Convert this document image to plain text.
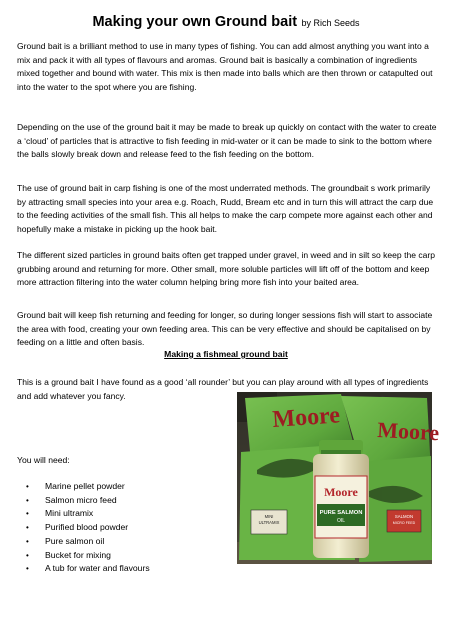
Making your own Ground bait by Rich Seeds

Ground bait is a brilliant method to use in many types of fishing. You can add almost anything you want into a mix and pack it with all types of flavours and aromas. Ground bait is basically a combination of ingredients mixed together and bound with water. This mix is then made into balls which are then thrown or catapulted out into the water to the spot where you are fishing.

Depending on the use of the ground bait it may be made to break up quickly on contact with the water to create a ‘cloud’ of particles that is attractive to fish feeding in mid-water or it can be made to sink to the bottom where the balls slowly break down and release feed to the fish feeding on the bottom.

The use of ground bait in carp fishing is one of the most underrated methods. The groundbait s work primarily by attracting small species into your area e.g. Roach, Rudd, Bream etc and in turn this will attract the carp due to the feeding activities of the small fish. This all helps to make the carp compete more against each other and hopefully make a mistake in picking up the hook bait.

The different sized particles in ground baits often get trapped under gravel, in weed and in silt so keep the carp grubbing around and returning for more. Other small, more soluble particles will lift off of the bottom and keep more attraction filtering into the water column helping bring more fish into your baited area.

Ground bait will keep fish returning and feeding for longer, so during longer sessions fish will start to associate the area with food, creating your own feeding area. This can be very effective and should be capitalised on by feeding on a little and often basis.

Making a fishmeal ground bait

This is a ground bait I have found as a good ‘all rounder’ but you can play around with all types of ingredients and add whatever you fancy.

You will need:
• Marine pellet powder
• Salmon micro feed
• Mini ultramix
• Purified blood powder
• Pure salmon oil
• Bucket for mixing
• A tub for water and flavours
Moore Moore
MINI
ULTRAMIX
SALMON
MICRO FEED
Moore
PURE SALMON
OIL
